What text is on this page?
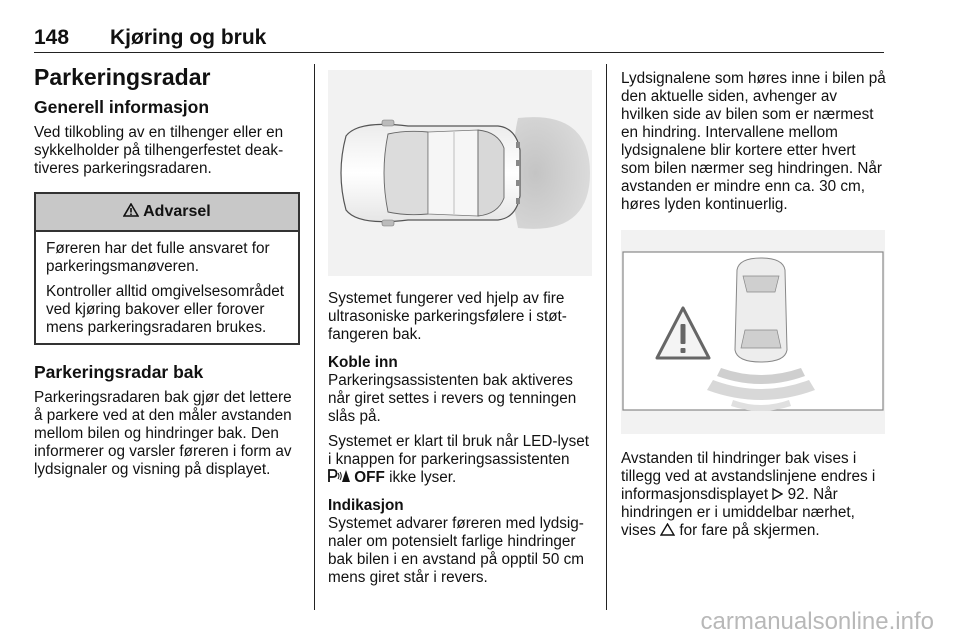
148 Kjøring og bruk
Parkeringsradar
Generell informasjon

Ved tilkobling av en tilhenger eller en sykkelholder på tilhengerfestet deaktiveres parkeringsradaren.

Advarsel

Føreren har det fulle ansvaret for parkeringsmanøveren.

Kontroller alltid omgivelsesområdet ved kjøring bakover eller forover mens parkeringsradaren brukes.

Parkeringsradar bak

Parkeringsradaren bak gjør det lettere å parkere ved at den måler avstanden mellom bilen og hindringer bak. Den informerer og varsler føreren i form av lydsignaler og visning på displayet.

Systemet fungerer ved hjelp av fire ultrasoniske parkeringsfølere i støtfangeren bak.

Koble inn

Parkeringsassistenten bak aktiveres når giret settes i revers og tenningen slås på.

Systemet er klart til bruk når LED-lyset i knappen for parkeringsassistenten  OFF ikke lyser.

Indikasjon

Systemet advarer føreren med lydsignaler om potensielt farlige hindringer bak bilen i en avstand på opptil 50 cm mens giret står i revers.

Lydsignalene som høres inne i bilen på den aktuelle siden, avhenger av hvilken side av bilen som er nærmest en hindring. Intervallene mellom lydsignalene blir kortere etter hvert som bilen nærmer seg hindringen. Når avstanden er mindre enn ca. 30 cm, høres lyden kontinuerlig.

Avstanden til hindringer bak vises i tillegg ved at avstandslinjene endres i informasjonsdisplayet 92. Når hindringen er i umiddelbar nærhet, vises for fare på skjermen.

carmanualsonline.info
